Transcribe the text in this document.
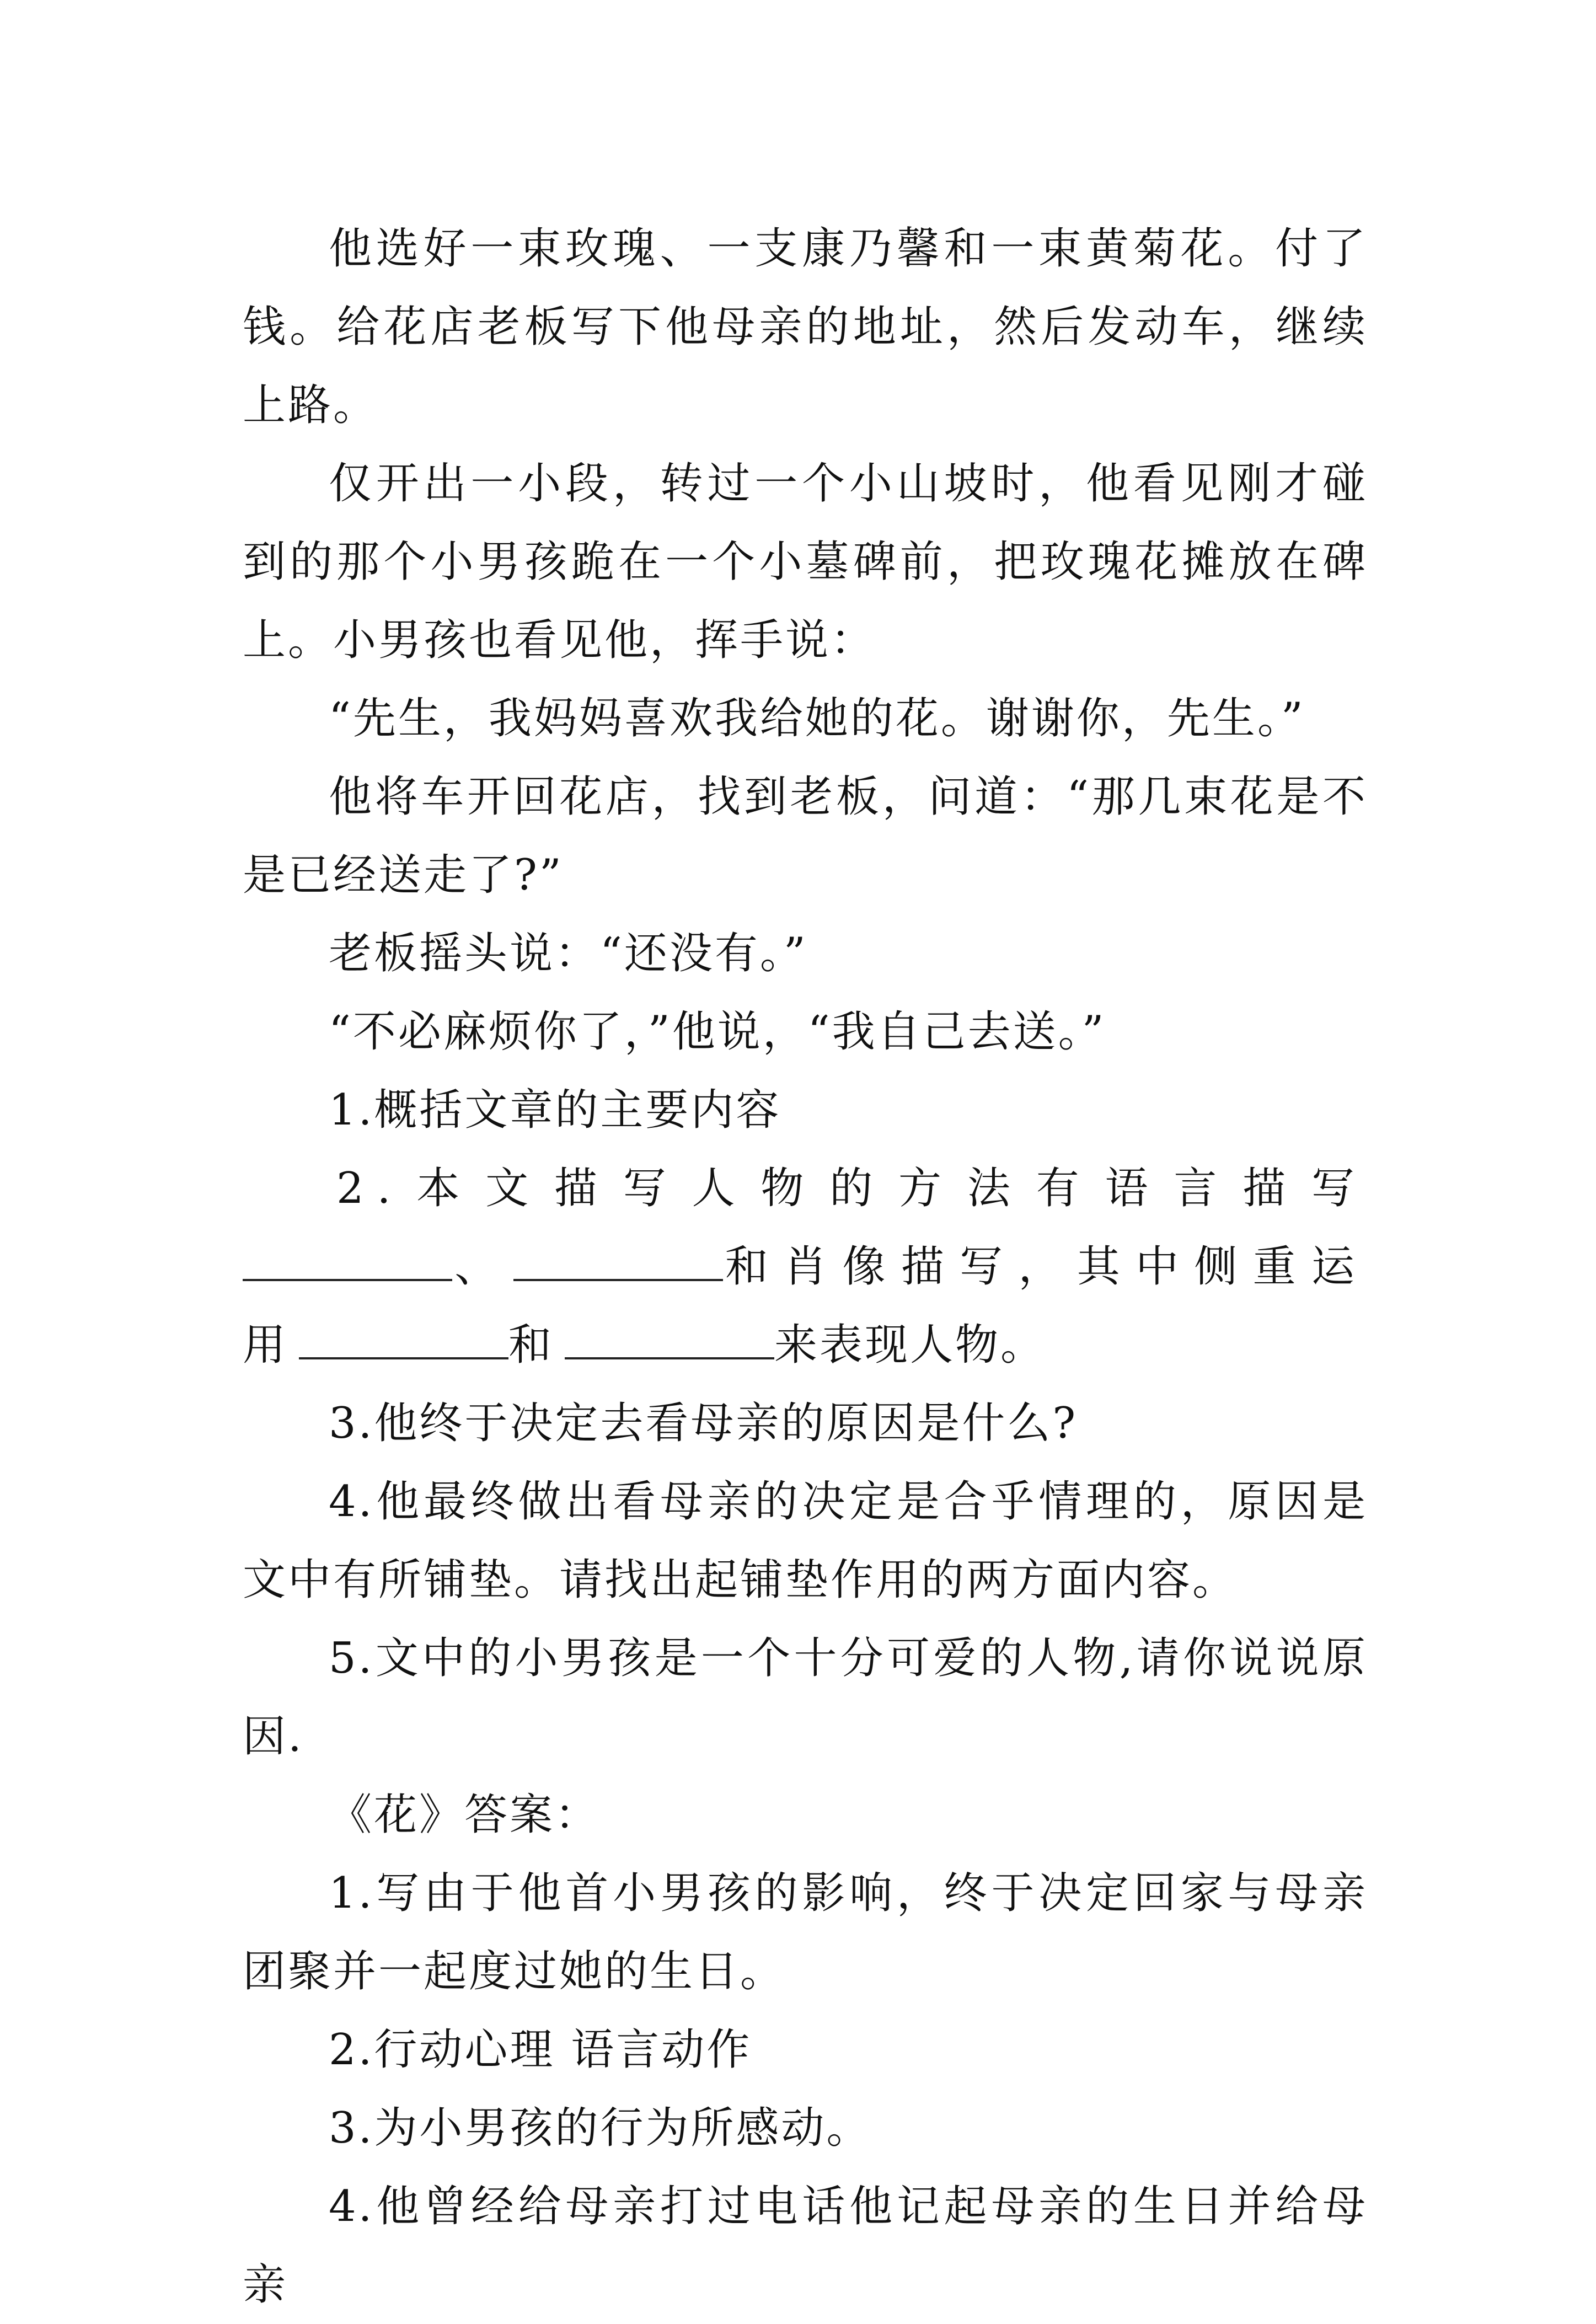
他选好一束玫瑰、一支康乃馨和一束黄菊花。付了钱。给花店老板写下他母亲的地址，然后发动车，继续上路。

仅开出一小段，转过一个小山坡时，他看见刚才碰到的那个小男孩跪在一个小墓碑前，把玫瑰花摊放在碑上。小男孩也看见他，挥手说：

“先生，我妈妈喜欢我给她的花。谢谢你，先生。”

他将车开回花店，找到老板，问道：“那几束花是不是已经送走了?”

老板摇头说：“还没有。”

“不必麻烦你了，”他说，“我自己去送。”

1.概括文章的主要内容

2.本文描写人物的方法有语言描写、	和肖像描写，其中侧重运用	和	来表现人物。

3.他终于决定去看母亲的原因是什么?

4.他最终做出看母亲的决定是合乎情理的，原因是文中有所铺垫。请找出起铺垫作用的两方面内容。

5.文中的小男孩是一个十分可爱的人物,请你说说原因.

《花》答案：

1.写由于他首小男孩的影响，终于决定回家与母亲团聚并一起度过她的生日。

2.行动心理 语言动作

3.为小男孩的行为所感动。

4.他曾经给母亲打过电话他记起母亲的生日并给母亲
